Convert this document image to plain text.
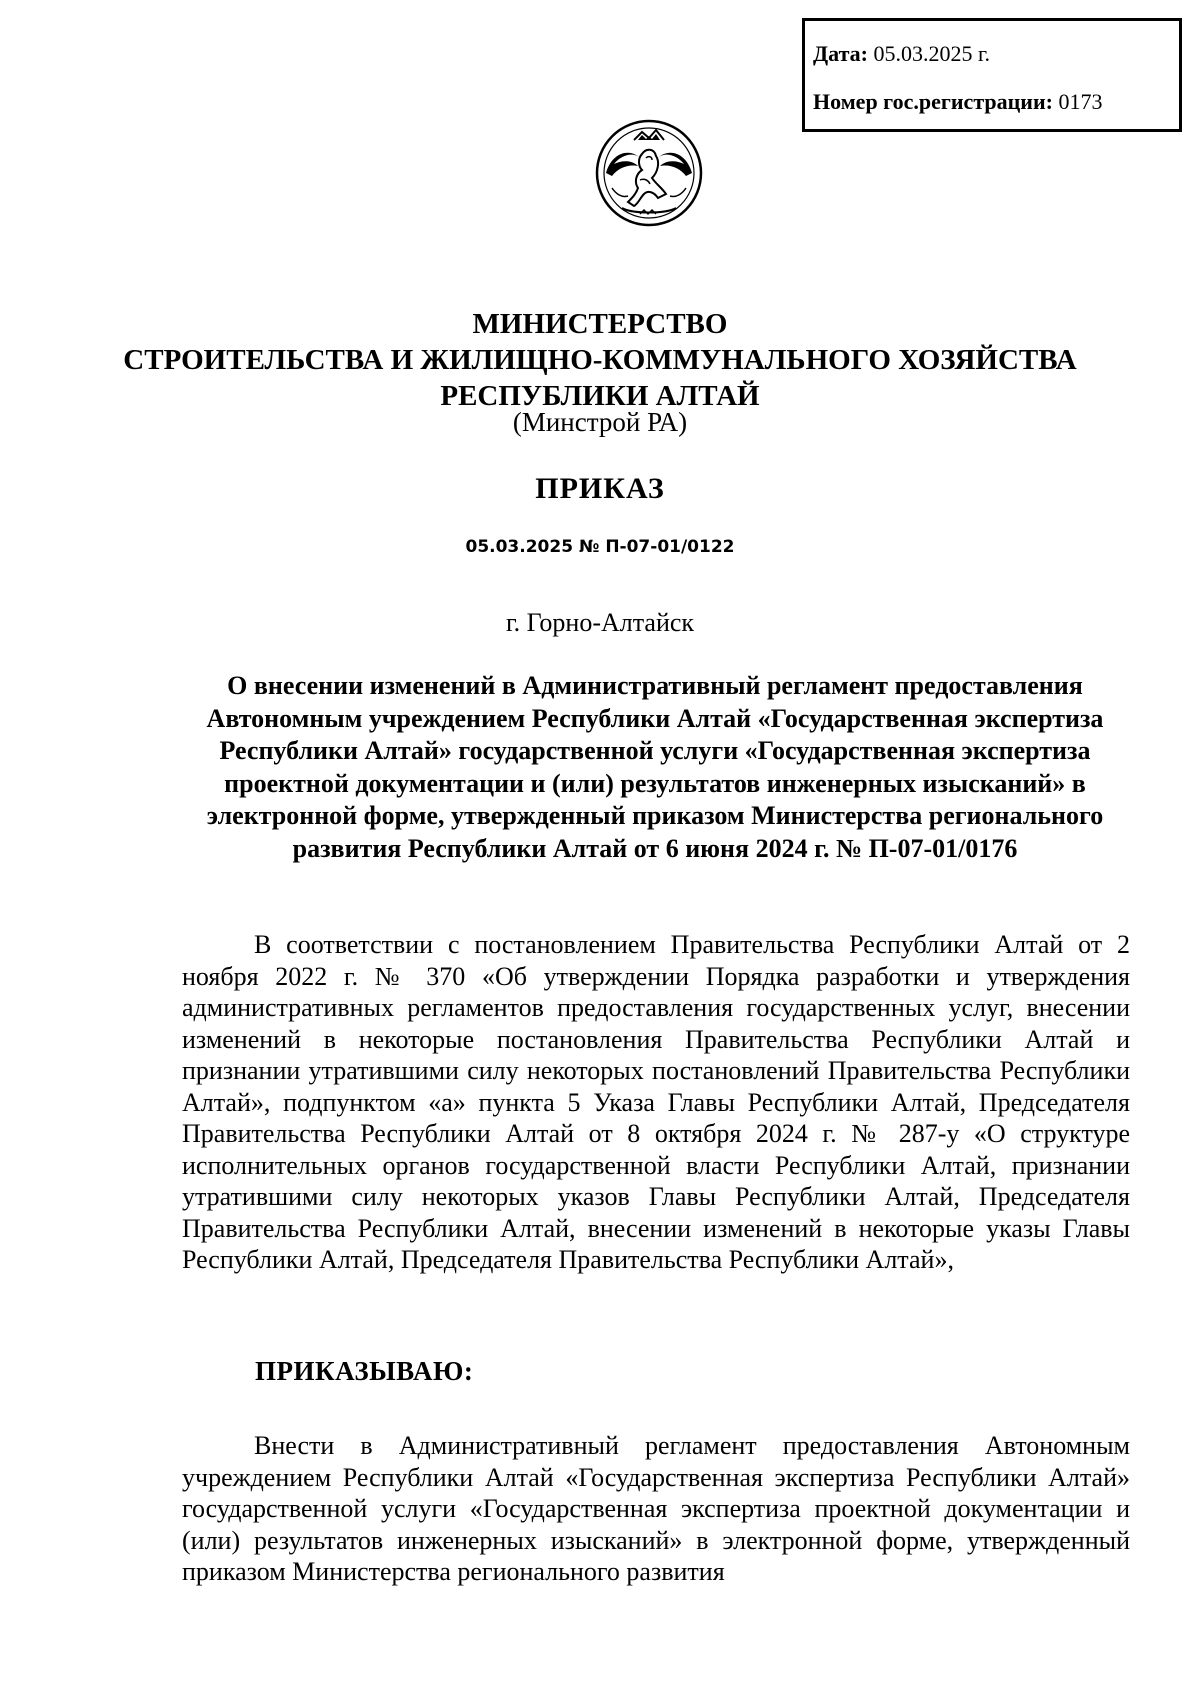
Дата: 05.03.2025 г.
Номер гос.регистрации: 0173
МИНИСТЕРСТВО
СТРОИТЕЛЬСТВА И ЖИЛИЩНО-КОММУНАЛЬНОГО ХОЗЯЙСТВА
РЕСПУБЛИКИ АЛТАЙ
(Минстрой РА)
ПРИКАЗ
05.03.2025 № П-07-01/0122
г. Горно-Алтайск
О внесении изменений в Административный регламент предоставления Автономным учреждением Республики Алтай «Государственная экспертиза Республики Алтай» государственной услуги «Государственная экспертиза проектной документации и (или) результатов инженерных изысканий» в электронной форме, утвержденный приказом Министерства регионального развития Республики Алтай от 6 июня 2024 г. № П-07-01/0176
В соответствии с постановлением Правительства Республики Алтай от 2 ноября 2022 г. № 370 «Об утверждении Порядка разработки и утверждения административных регламентов предоставления государственных услуг, внесении изменений в некоторые постановления Правительства Республики Алтай и признании утратившими силу некоторых постановлений Правительства Республики Алтай», подпунктом «а» пункта 5 Указа Главы Республики Алтай, Председателя Правительства Республики Алтай от 8 октября 2024 г. № 287-у «О структуре исполнительных органов государственной власти Республики Алтай, признании утратившими силу некоторых указов Главы Республики Алтай, Председателя Правительства Республики Алтай, внесении изменений в некоторые указы Главы Республики Алтай, Председателя Правительства Республики Алтай»,
ПРИКАЗЫВАЮ:
Внести в Административный регламент предоставления Автономным учреждением Республики Алтай «Государственная экспертиза Республики Алтай» государственной услуги «Государственная экспертиза проектной документации и (или) результатов инженерных изысканий» в электронной форме, утвержденный приказом Министерства регионального развития
